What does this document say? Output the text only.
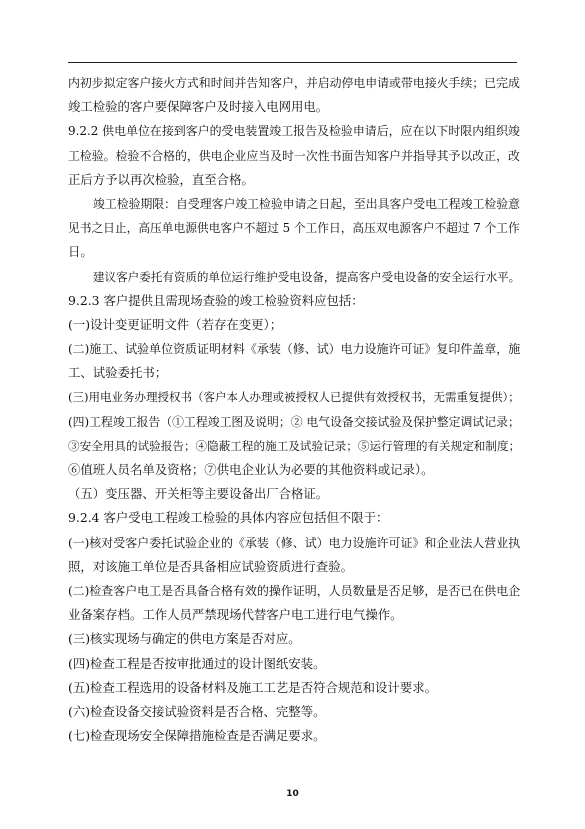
内初步拟定客户接火方式和时间并告知客户，并启动停电申请或带电接火手续；已完成
竣工检验的客户要保障客户及时接入电网用电。
9.2.2 供电单位在接到客户的受电装置竣工报告及检验申请后，应在以下时限内组织竣
工检验。检验不合格的，供电企业应当及时一次性书面告知客户并指导其予以改正，改
正后方予以再次检验，直至合格。
竣工检验期限：自受理客户竣工检验申请之日起，至出具客户受电工程竣工检验意
见书之日止，高压单电源供电客户不超过 5 个工作日，高压双电源客户不超过 7 个工作
日。
建议客户委托有资质的单位运行维护受电设备，提高客户受电设备的安全运行水平。
9.2.3 客户提供且需现场查验的竣工检验资料应包括：
(一)设计变更证明文件（若存在变更）；
(二)施工、试验单位资质证明材料《承装（修、试）电力设施许可证》复印件盖章，施
工、试验委托书；
(三)用电业务办理授权书（客户本人办理或被授权人已提供有效授权书，无需重复提供）；
(四)工程竣工报告（①工程竣工图及说明；② 电气设备交接试验及保护整定调试记录；
③安全用具的试验报告；④隐蔽工程的施工及试验记录；⑤运行管理的有关规定和制度；
⑥值班人员名单及资格；⑦供电企业认为必要的其他资料或记录）。
（五）变压器、开关柜等主要设备出厂合格证。
9.2.4 客户受电工程竣工检验的具体内容应包括但不限于：
(一)核对受客户委托试验企业的《承装（修、试）电力设施许可证》和企业法人营业执
照，对该施工单位是否具备相应试验资质进行查验。
(二)检查客户电工是否具备合格有效的操作证明，人员数量是否足够，是否已在供电企
业备案存档。工作人员严禁现场代替客户电工进行电气操作。
(三)核实现场与确定的供电方案是否对应。
(四)检查工程是否按审批通过的设计图纸安装。
(五)检查工程选用的设备材料及施工工艺是否符合规范和设计要求。
(六)检查设备交接试验资料是否合格、完整等。
(七)检查现场安全保障措施检查是否满足要求。
10
